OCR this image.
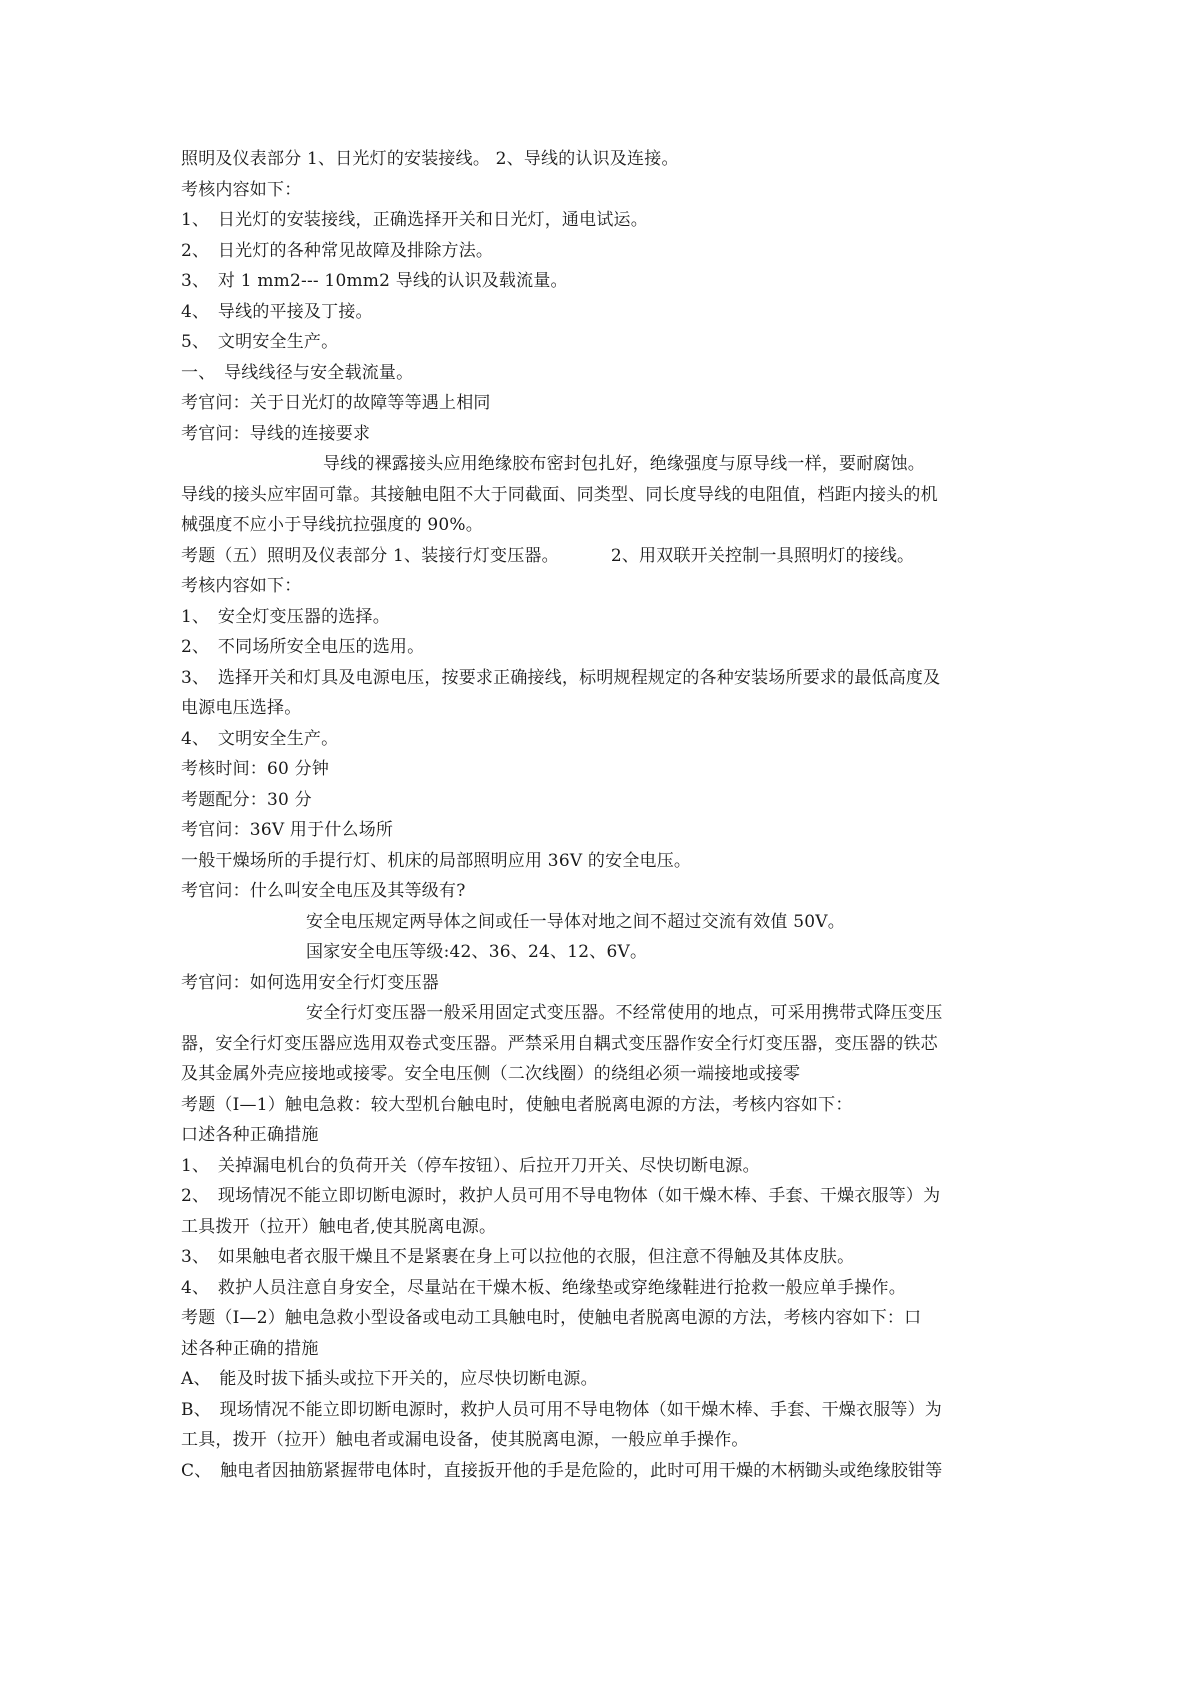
照明及仪表部分 1、日光灯的安装接线。 2、导线的认识及连接。
考核内容如下：
1、　日光灯的安装接线，正确选择开关和日光灯，通电试运。
2、　日光灯的各种常见故障及排除方法。
3、　对 1 mm2--- 10mm2 导线的认识及载流量。
4、　导线的平接及丁接。
5、　文明安全生产。
一、　导线线径与安全载流量。
考官问：关于日光灯的故障等等遇上相同
考官问：导线的连接要求
导线的裸露接头应用绝缘胶布密封包扎好，绝缘强度与原导线一样，要耐腐蚀。
导线的接头应牢固可靠。其接触电阻不大于同截面、同类型、同长度导线的电阻值，档距内接头的机
械强度不应小于导线抗拉强度的 90%。
考题（五）照明及仪表部分 1、装接行灯变压器。	2、用双联开关控制一具照明灯的接线。
考核内容如下：
1、　安全灯变压器的选择。
2、　不同场所安全电压的选用。
3、　选择开关和灯具及电源电压，按要求正确接线，标明规程规定的各种安装场所要求的最低高度及
电源电压选择。
4、　文明安全生产。
考核时间：60 分钟
考题配分：30 分
考官问：36V 用于什么场所
一般干燥场所的手提行灯、机床的局部照明应用 36V 的安全电压。
考官问：什么叫安全电压及其等级有?
安全电压规定两导体之间或任一导体对地之间不超过交流有效值 50V。
国家安全电压等级:42、36、24、12、6V。
考官问：如何选用安全行灯变压器
安全行灯变压器一般采用固定式变压器。不经常使用的地点，可采用携带式降压变压
器，安全行灯变压器应选用双卷式变压器。严禁采用自耦式变压器作安全行灯变压器，变压器的铁芯
及其金属外壳应接地或接零。安全电压侧（二次线圈）的绕组必须一端接地或接零
考题（Ⅰ—1）触电急救：较大型机台触电时，使触电者脱离电源的方法，考核内容如下：
口述各种正确措施
1、　关掉漏电机台的负荷开关（停车按钮）、后拉开刀开关、尽快切断电源。
2、　现场情况不能立即切断电源时，救护人员可用不导电物体（如干燥木棒、手套、干燥衣服等）为
工具拨开（拉开）触电者,使其脱离电源。
3、　如果触电者衣服干燥且不是紧裹在身上可以拉他的衣服，但注意不得触及其体皮肤。
4、　救护人员注意自身安全，尽量站在干燥木板、绝缘垫或穿绝缘鞋进行抢救一般应单手操作。
考题（Ⅰ—2）触电急救小型设备或电动工具触电时，使触电者脱离电源的方法，考核内容如下：口
述各种正确的措施
A、　能及时拔下插头或拉下开关的，应尽快切断电源。
B、　现场情况不能立即切断电源时，救护人员可用不导电物体（如干燥木棒、手套、干燥衣服等）为
工具，拨开（拉开）触电者或漏电设备，使其脱离电源，一般应单手操作。
C、　触电者因抽筋紧握带电体时，直接扳开他的手是危险的，此时可用干燥的木柄锄头或绝缘胶钳等
